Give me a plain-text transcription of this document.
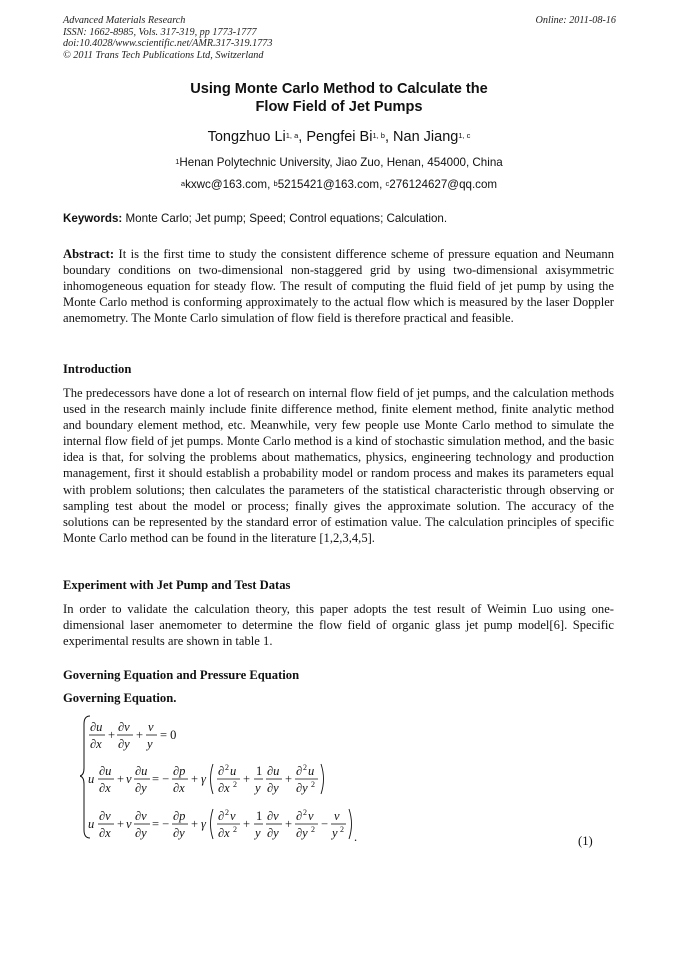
Advanced Materials Research
ISSN: 1662-8985, Vols. 317-319, pp 1773-1777
doi:10.4028/www.scientific.net/AMR.317-319.1773
© 2011 Trans Tech Publications Ltd, Switzerland
Online: 2011-08-16
Using Monte Carlo Method to Calculate the
Flow Field of Jet Pumps
Tongzhuo Li$^{1, a}$, Pengfei Bi$^{1, b}$, Nan Jiang$^{1, c}$
$^1$Henan Polytechnic University, Jiao Zuo, Henan, 454000, China
$^a$kxwc@163.com, $^b$5215421@163.com, $^c$276124627@qq.com
Keywords: Monte Carlo; Jet pump; Speed; Control equations; Calculation.
Abstract: It is the first time to study the consistent difference scheme of pressure equation and Neumann boundary conditions on two-dimensional non-staggered grid by using two-dimensional axisymmetric inhomogeneous equation for steady flow. The result of computing the fluid field of jet pump by using the Monte Carlo method is conforming approximately to the actual flow which is measured by the laser Doppler anemometry. The Monte Carlo simulation of flow field is therefore practical and feasible.
Introduction
The predecessors have done a lot of research on internal flow field of jet pumps, and the calculation methods used in the research mainly include finite difference method, finite element method, finite analytic method and boundary element method, etc. Meanwhile, very few people use Monte Carlo method to simulate the internal flow field of jet pumps. Monte Carlo method is a kind of stochastic simulation method, and the basic idea is that, for solving the problems about mathematics, physics, engineering technology and production management, first it should establish a probability model or random process and makes its parameters equal with problem solutions; then calculates the parameters of the statistical characteristic through observing or sampling test about the model or process; finally gives the approximate solution. The accuracy of the solutions can be represented by the standard error of estimation value. The calculation principles of specific Monte Carlo method can be found in the literature [1,2,3,4,5].
Experiment with Jet Pump and Test Datas
In order to validate the calculation theory, this paper adopts the test result of Weimin Luo using one-dimensional laser anemometer to determine the flow field of organic glass jet pump model[6]. Specific experimental results are shown in table 1.
Governing Equation and Pressure Equation
Governing Equation.
∂u
∂x
+
∂v
∂y
+
v
y
= 0
u
∂u
∂x
+ v
∂u
∂y
= −
∂p
∂x
+ γ
∂ 2 u
∂x 2 +
1
y
∂u
∂y
+
∂ 2 u
∂y 2
u
∂v
∂x
+ v
∂v
∂y
= −
∂p
∂y
+ γ
∂ 2 v
∂x 2 +
1
y
∂v
∂y
+
∂ 2 v
∂y 2 −
v
y 2
.	(1)
